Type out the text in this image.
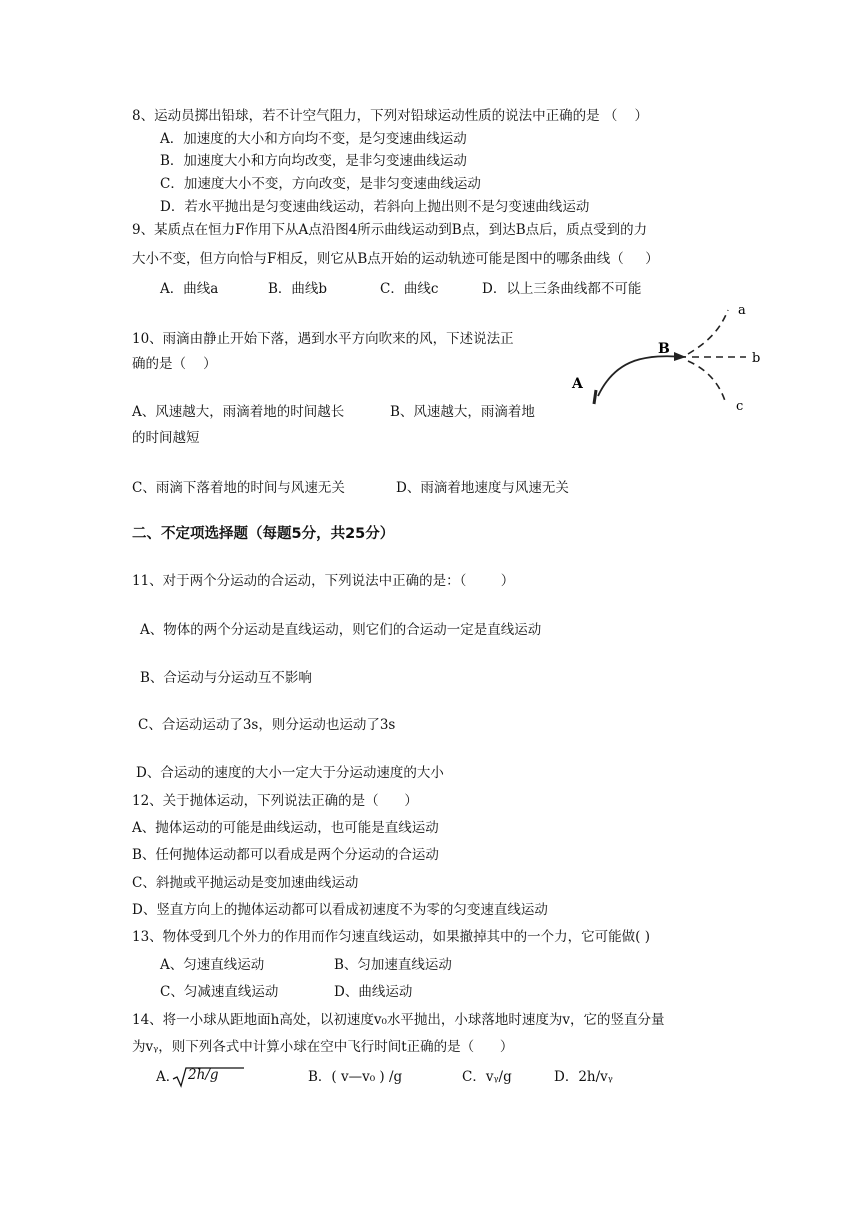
8、运动员掷出铅球，若不计空气阻力，下列对铅球运动性质的说法中正确的是 （    ）
A．加速度的大小和方向均不变，是匀变速曲线运动
B．加速度大小和方向均改变，是非匀变速曲线运动
C．加速度大小不变，方向改变，是非匀变速曲线运动
D．若水平抛出是匀变速曲线运动，若斜向上抛出则不是匀变速曲线运动
9、某质点在恒力F作用下从A点沿图4所示曲线运动到B点，到达B点后，质点受到的力
大小不变，但方向恰与F相反，则它从B点开始的运动轨迹可能是图中的哪条曲线（     ）
A．曲线a	B．曲线b	C．曲线c	D．以上三条曲线都不可能
10、雨滴由静止开始下落，遇到水平方向吹来的风，下述说法正
确的是（    ）
A、风速越大，雨滴着地的时间越长	B、风速越大，雨滴着地
的时间越短
C、雨滴下落着地的时间与风速无关	D、雨滴着地速度与风速无关
a
b
c
A
B
二、不定项选择题（每题5分，共25分）
11、对于两个分运动的合运动，下列说法中正确的是：（        ）
A、物体的两个分运动是直线运动，则它们的合运动一定是直线运动
B、合运动与分运动互不影响
C、合运动运动了3s，则分运动也运动了3s
D、合运动的速度的大小一定大于分运动速度的大小
12、关于抛体运动，下列说法正确的是（      ）
A、抛体运动的可能是曲线运动，也可能是直线运动
B、任何抛体运动都可以看成是两个分运动的合运动
C、斜抛或平抛运动是变加速曲线运动
D、竖直方向上的抛体运动都可以看成初速度不为零的匀变速直线运动
13、物体受到几个外力的作用而作匀速直线运动，如果撤掉其中的一个力，它可能做( )
A、匀速直线运动	B、匀加速直线运动
C、匀减速直线运动	D、曲线运动
14、将一小球从距地面h高处，以初速度v₀水平抛出，小球落地时速度为v，它的竖直分量
为vᵧ，则下列各式中计算小球在空中飞行时间t正确的是（      ）
A． 2h/g	B．( v—v₀ ) /g	C．vᵧ/g	D．2h/vᵧ
